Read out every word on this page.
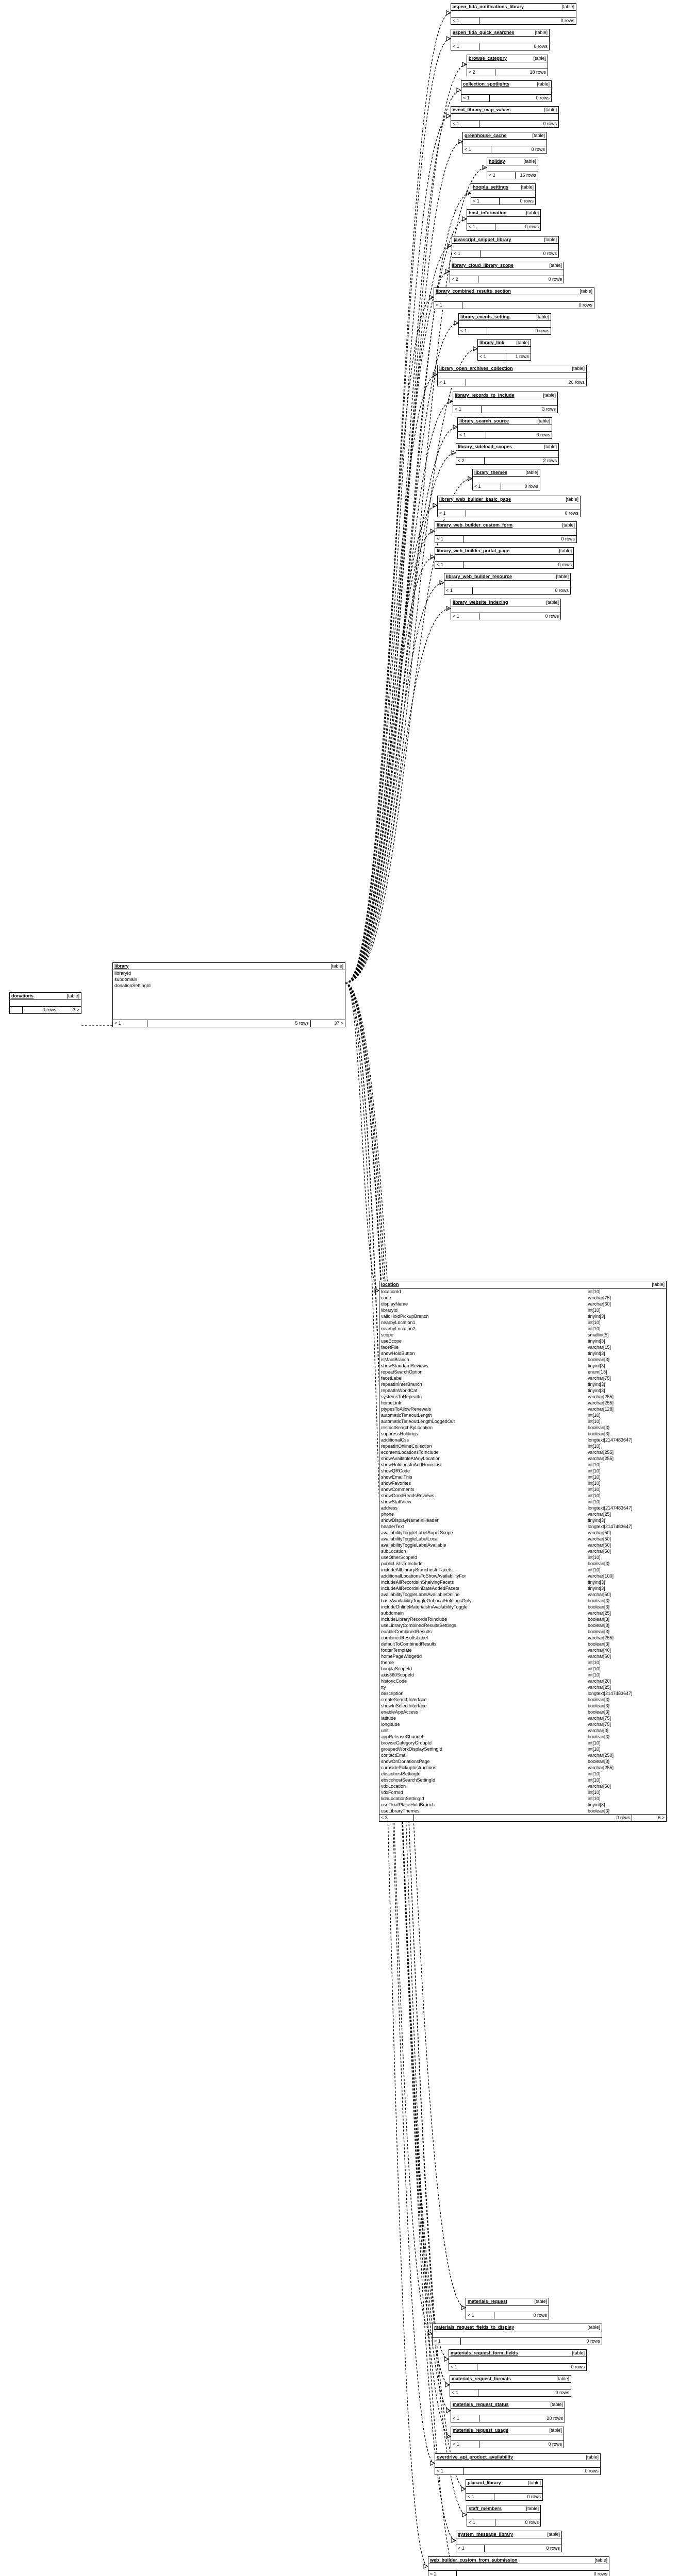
aspen_fida_notifications_library	[table]
< 1	0 rows
aspen_fida_quick_searches	[table]
< 1	0 rows
browse_category	[table]
< 2	18 rows
collection_spotlights	[table]
< 1	0 rows
event_library_map_values	[table]
< 1	0 rows
greenhouse_cache	[table]
< 1	0 rows
holiday	[table]
< 1	16 rows
hoopla_settings	[table]
< 1	0 rows
host_information	[table]
< 1	0 rows
javascript_snippet_library	[table]
< 1	0 rows
library_cloud_library_scope	[table]
< 2	0 rows
library_combined_results_section	[table]
< 1	0 rows
library_events_setting	[table]
< 1	0 rows
library_link	[table]
< 1	1 rows
library_open_archives_collection	[table]
< 1	26 rows
library_records_to_include	[table]
< 1	3 rows
library_search_source	[table]
< 1	0 rows
library_sideload_scopes	[table]
< 2	2 rows
library_themes	[table]
< 1	0 rows
library_web_builder_basic_page	[table]
< 1	0 rows
library_web_builder_custom_form	[table]
< 1	0 rows
library_web_builder_portal_page	[table]
< 1	0 rows
library_web_builder_resource	[table]
< 1	0 rows
library_website_indexing	[table]
< 1	0 rows
materials_request	[table]
< 1	0 rows
materials_request_fields_to_display	[table]
< 1	0 rows
materials_request_form_fields	[table]
< 1	0 rows
materials_request_formats	[table]
< 1	0 rows
materials_request_status	[table]
< 1	20 rows
materials_request_usage	[table]
< 1	0 rows
overdrive_api_product_availability	[table]
< 1	0 rows
placard_library	[table]
< 1	0 rows
staff_members	[table]
< 1	0 rows
system_message_library	[table]
< 1	0 rows
web_builder_custom_from_submission	[table]
< 2	0 rows
donations	[table]
0 rows	3 >
library	[table]
libraryId
subdomain
donationSettingId
< 1	5 rows	37 >
location	[table]
locationId	int[10]
code	varchar[75]
displayName	varchar[60]
libraryId	int[10]
validHoldPickupBranch	tinyint[3]
nearbyLocation1	int[10]
nearbyLocation2	int[10]
scope	smallint[5]
useScope	tinyint[3]
facetFile	varchar[15]
showHoldButton	tinyint[3]
isMainBranch	boolean[3]
showStandardReviews	tinyint[3]
repeatSearchOption	enum[13]
facetLabel	varchar[75]
repeatInInterBranch	tinyint[3]
repeatInWorldCat	tinyint[3]
systemsToRepeatIn	varchar[255]
homeLink	varchar[255]
ptypesToAllowRenewals	varchar[128]
automaticTimeoutLength	int[10]
automaticTimeoutLengthLoggedOut	int[10]
restrictSearchByLocation	boolean[3]
suppressHoldings	boolean[3]
additionalCss	longtext[2147483647]
repeatInOnlineCollection	int[10]
econtentLocationsToInclude	varchar[255]
showAvailableAtAnyLocation	varchar[255]
showHoldingsInAndHoursList	int[10]
showQRCode	int[10]
showEmailThis	int[10]
showFavorites	int[10]
showComments	int[10]
showGoodReadsReviews	int[10]
showStaffView	int[10]
address	longtext[2147483647]
phone	varchar[25]
showDisplayNameInHeader	tinyint[3]
headerText	longtext[2147483647]
availabilityToggleLabelSuperScope	varchar[50]
availabilityToggleLabelLocal	varchar[50]
availabilityToggleLabelAvailable	varchar[50]
subLocation	varchar[50]
useOtherScopeId	int[10]
publicListsToInclude	boolean[3]
includeAllLibraryBranchesInFacets	int[10]
additionalLocationsToShowAvailabilityFor	varchar[100]
includeAllRecordsInShelvingFacets	tinyint[3]
includeAllRecordsInDateAddedFacets	tinyint[3]
availabilityToggleLabelAvailableOnline	varchar[50]
baseAvailabilityToggleOnLocalHoldingsOnly	boolean[3]
includeOnlineMaterialsInAvailabilityToggle	boolean[3]
subdomain	varchar[25]
includeLibraryRecordsToInclude	boolean[3]
useLibraryCombinedResultsSettings	boolean[3]
enableCombinedResults	boolean[3]
combinedResultsLabel	varchar[255]
defaultToCombinedResults	boolean[3]
footerTemplate	varchar[40]
homePageWidgetId	varchar[50]
theme	int[10]
hooplaScopeId	int[10]
axis360ScopeId	int[10]
historicCode	varchar[20]
tty	varchar[25]
description	longtext[2147483647]
createSearchInterface	boolean[3]
showInSelectInterface	boolean[3]
enableAppAccess	boolean[3]
latitude	varchar[75]
longitude	varchar[75]
unit	varchar[3]
appReleaseChannel	boolean[3]
browseCategoryGroupId	int[10]
groupedWorkDisplaySettingId	int[10]
contactEmail	varchar[250]
showOnDonationsPage	boolean[3]
curbsidePickupInstructions	varchar[255]
ebscohostSettingId	int[10]
ebscohostSearchSettingId	int[10]
vdxLocation	varchar[50]
vdxFormId	int[10]
lidaLocationSettingId	int[10]
useFloatPlaceHoldBranch	tinyint[3]
useLibraryThemes	boolean[3]
< 3	0 rows	6 >
